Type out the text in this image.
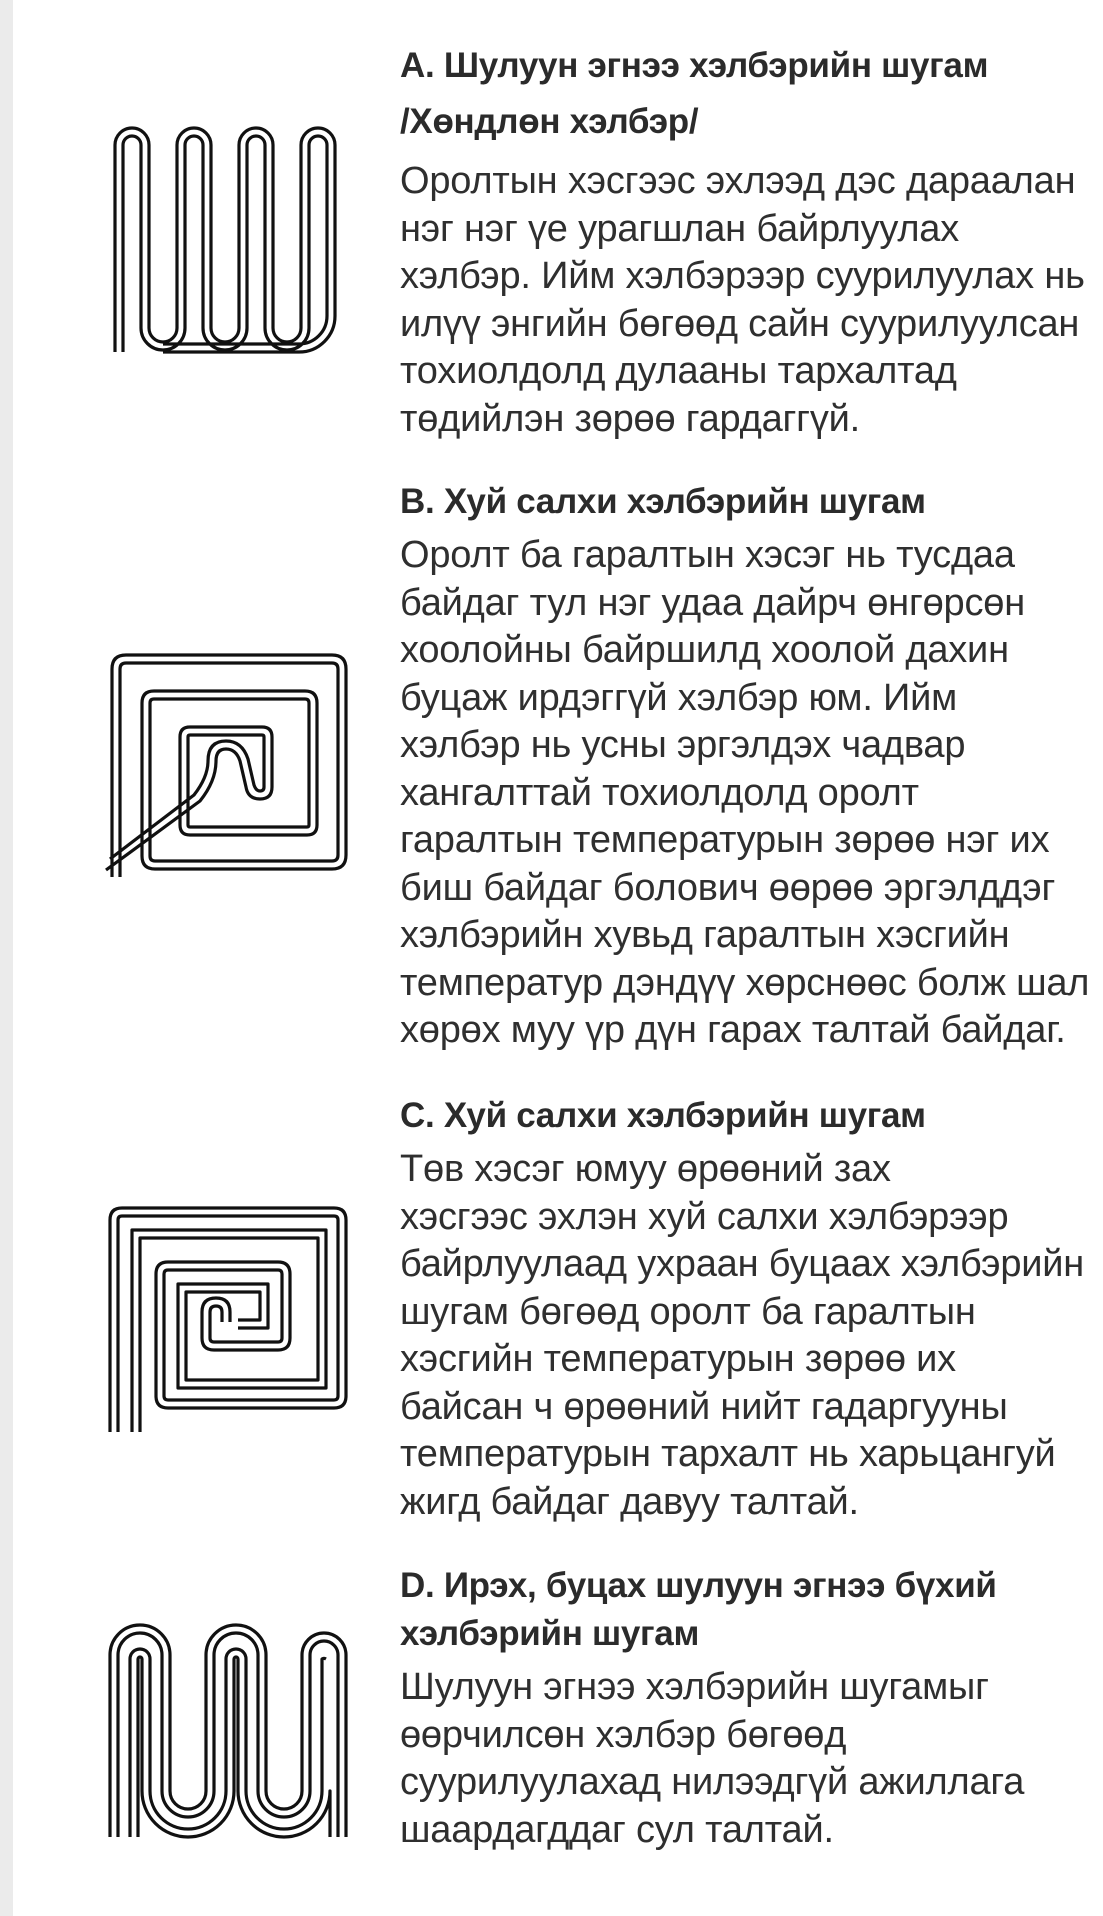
A. Шулуун эгнээ хэлбэрийн шугам
/Хөндлөн хэлбэр/

Оролтын хэсгээс эхлээд дэс дараалан
нэг нэг үе урагшлан байрлуулах
хэлбэр. Ийм хэлбэрээр суурилуулах нь
илүү энгийн бөгөөд сайн суурилуулсан
тохиолдолд дулааны тархалтад
төдийлэн зөрөө гардаггүй.

B. Хуй салхи хэлбэрийн шугам

Оролт ба гаралтын хэсэг нь тусдаа
байдаг тул нэг удаа дайрч өнгөрсөн
хоолойны байршилд хоолой дахин
буцаж ирдэггүй хэлбэр юм. Ийм
хэлбэр нь усны эргэлдэх чадвар
хангалттай тохиолдолд оролт
гаралтын температурын зөрөө нэг их
биш байдаг болович өөрөө эргэлддэг
хэлбэрийн хувьд гаралтын хэсгийн
температур дэндүү хөрснөөс болж шал
хөрөх муу үр дүн гарах талтай байдаг.

C. Хуй салхи хэлбэрийн шугам

Төв хэсэг юмуу өрөөний зах
хэсгээс эхлэн хуй салхи хэлбэрээр
байрлуулаад ухраан буцаах хэлбэрийн
шугам бөгөөд оролт ба гаралтын
хэсгийн температурын зөрөө их
байсан ч өрөөний нийт гадаргууны
температурын тархалт нь харьцангуй
жигд байдаг давуу талтай.

D. Ирэх, буцах шулуун эгнээ бүхий
хэлбэрийн шугам

Шулуун эгнээ хэлбэрийн шугамыг
өөрчилсөн хэлбэр бөгөөд
суурилуулахад нилээдгүй ажиллага
шаардагддаг сул талтай.
